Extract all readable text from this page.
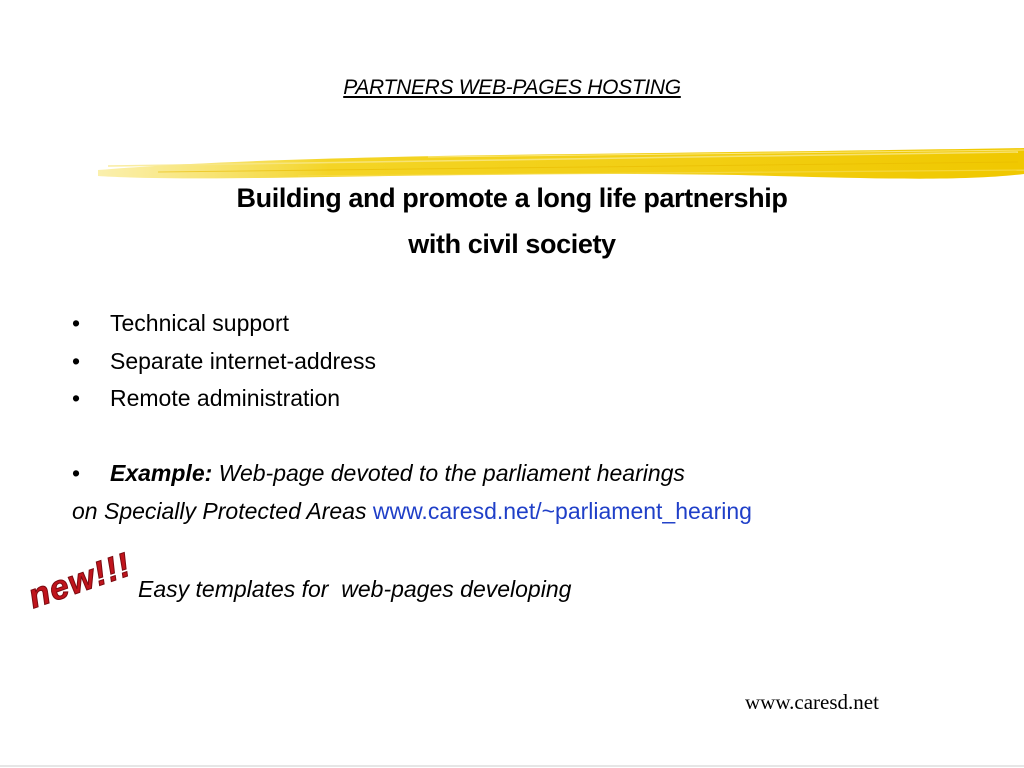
PARTNERS WEB-PAGES HOSTING
Building and promote a long life partnership
with civil society
• Technical support
• Separate internet-address
• Remote administration
• Example: Web-page devoted to the parliament hearings
on Specially Protected Areas www.caresd.net/~parliament_hearing
new!!! Easy templates for  web-pages developing
www.caresd.net
